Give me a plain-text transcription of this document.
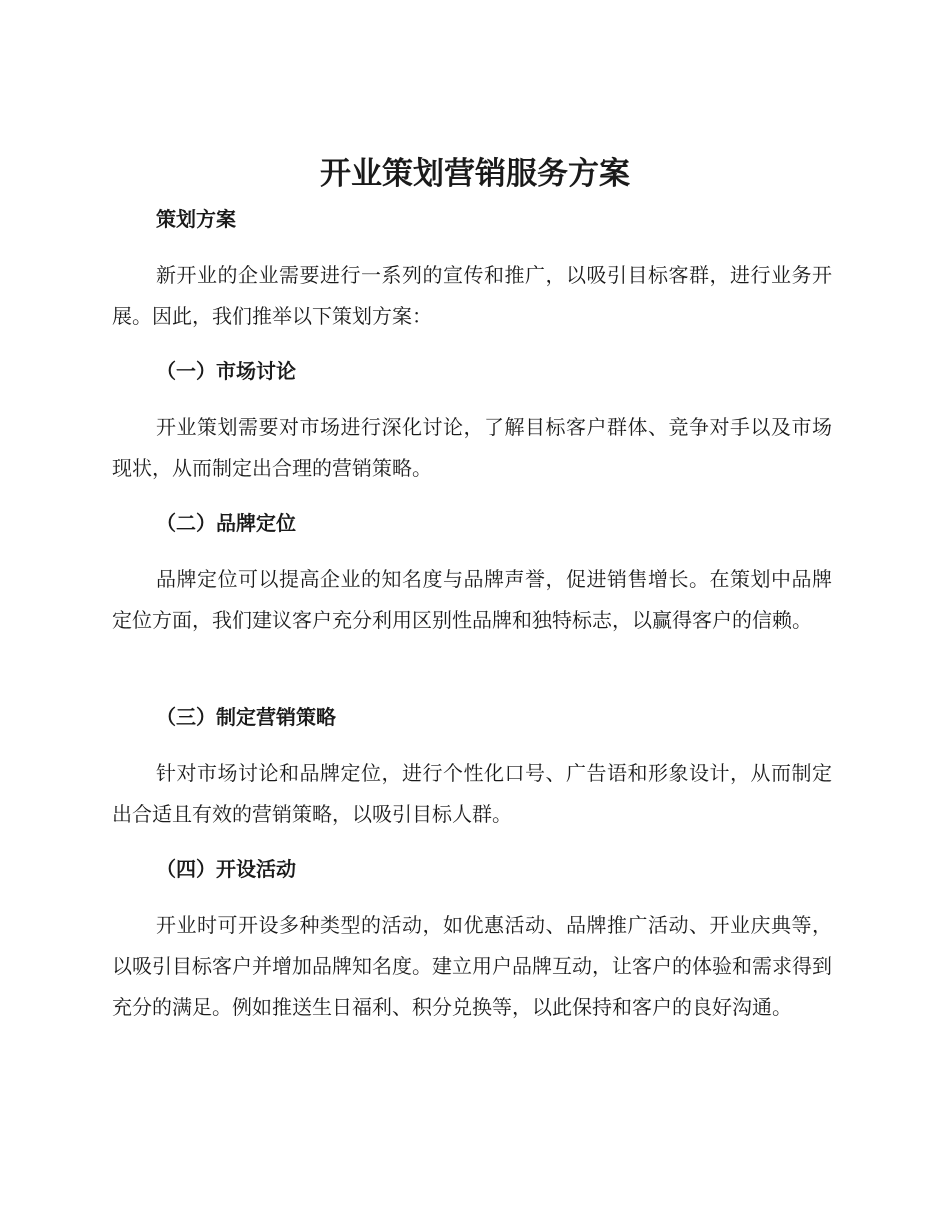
开业策划营销服务方案
策划方案

新开业的企业需要进行一系列的宣传和推广，以吸引目标客群，进行业务开展。因此，我们推举以下策划方案：

（一）市场讨论

开业策划需要对市场进行深化讨论，了解目标客户群体、竞争对手以及市场现状，从而制定出合理的营销策略。

（二）品牌定位

品牌定位可以提高企业的知名度与品牌声誉，促进销售增长。在策划中品牌定位方面，我们建议客户充分利用区别性品牌和独特标志，以赢得客户的信赖。

（三）制定营销策略

针对市场讨论和品牌定位，进行个性化口号、广告语和形象设计，从而制定出合适且有效的营销策略，以吸引目标人群。

（四）开设活动

开业时可开设多种类型的活动，如优惠活动、品牌推广活动、开业庆典等，以吸引目标客户并增加品牌知名度。建立用户品牌互动，让客户的体验和需求得到充分的满足。例如推送生日福利、积分兑换等，以此保持和客户的良好沟通。
